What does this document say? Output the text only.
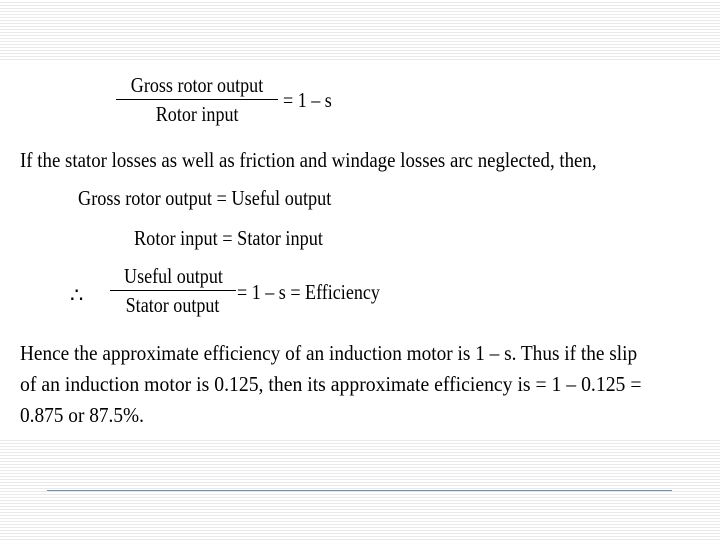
Gross rotor output
Rotor input
= 1 – s
If the stator losses as well as friction and windage losses arc neglected, then,
Gross rotor output = Useful output
Rotor input = Stator input
∴
Useful output
Stator output
= 1 – s = Efficiency
Hence the approximate efficiency of an induction motor is 1 – s. Thus if the slip
of an induction motor is 0.125, then its approximate efficiency is = 1 – 0.125 =
0.875 or 87.5%.
